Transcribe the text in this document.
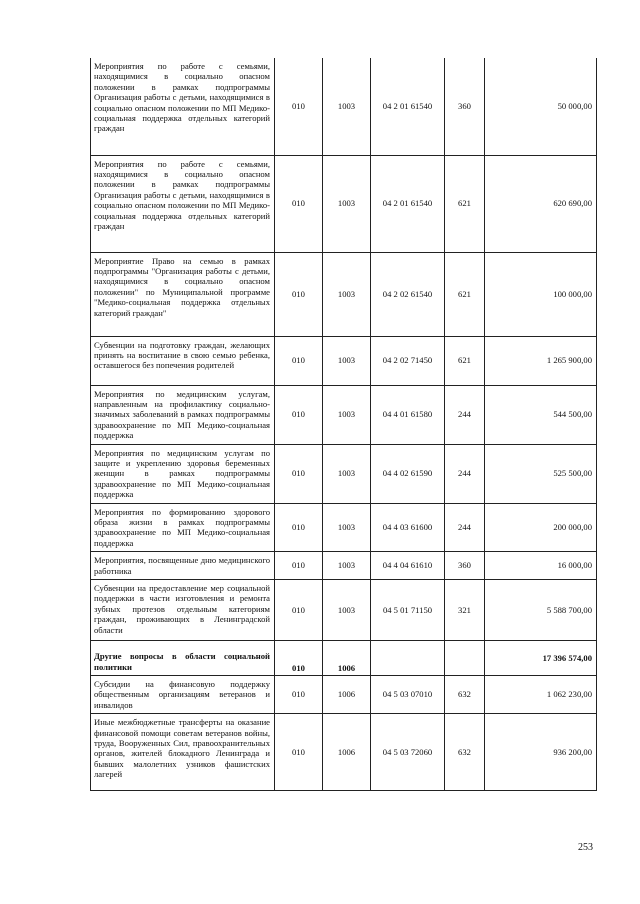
Мероприятия по работе с семьями, находящимися в социально опасном положении в рамках подпрограммы Организация работы с детьми, находящимися в социально опасном положении по МП Медико-социальная поддержка отдельных категорий граждан	010	1003	04 2 01 61540	360	50 000,00
Мероприятия по работе с семьями, находящимися в социально опасном положении в рамках подпрограммы Организация работы с детьми, находящимися в социально опасном положении по МП Медико-социальная поддержка отдельных категорий граждан	010	1003	04 2 01 61540	621	620 690,00
Мероприятие Право на семью в рамках подпрограммы "Организация работы с детьми, находящимися в социально опасном положении" по Муниципальной программе "Медико-социальная поддержка отдельных категорий граждан"	010	1003	04 2 02 61540	621	100 000,00
Субвенции на подготовку граждан, желающих принять на воспитание в свою семью ребенка, оставшегося без попечения родителей	010	1003	04 2 02 71450	621	1 265 900,00
Мероприятия по медицинским услугам, направленным на профилактику социально- значимых заболеваний в рамках подпрограммы здравоохранение по МП Медико-социальная поддержка	010	1003	04 4 01 61580	244	544 500,00
Мероприятия по медицинским услугам по защите и укреплению здоровья беременных женщин в рамках подпрограммы здравоохранение по МП Медико-социальная поддержка	010	1003	04 4 02 61590	244	525 500,00
Мероприятия по формированию здорового образа жизни в рамках подпрограммы здравоохранение по МП Медико-социальная поддержка	010	1003	04 4 03 61600	244	200 000,00
Мероприятия, посвященные дню медицинского работника	010	1003	04 4 04 61610	360	16 000,00
Субвенции на предоставление мер социальной поддержки в части изготовления и ремонта зубных протезов отдельным категориям граждан, проживающих в Ленинградской области	010	1003	04 5 01 71150	321	5 588 700,00
Другие вопросы в области социальной политики	010	1006			17 396 574,00
Субсидии на финансовую поддержку общественным организациям ветеранов и инвалидов	010	1006	04 5 03 07010	632	1 062 230,00
Иные межбюджетные трансферты на оказание финансовой помощи советам ветеранов войны, труда, Вооруженных Сил, правоохранительных органов, жителей блокадного Ленинграда и бывших малолетних узников фашистских лагерей	010	1006	04 5 03 72060	632	936 200,00
253
